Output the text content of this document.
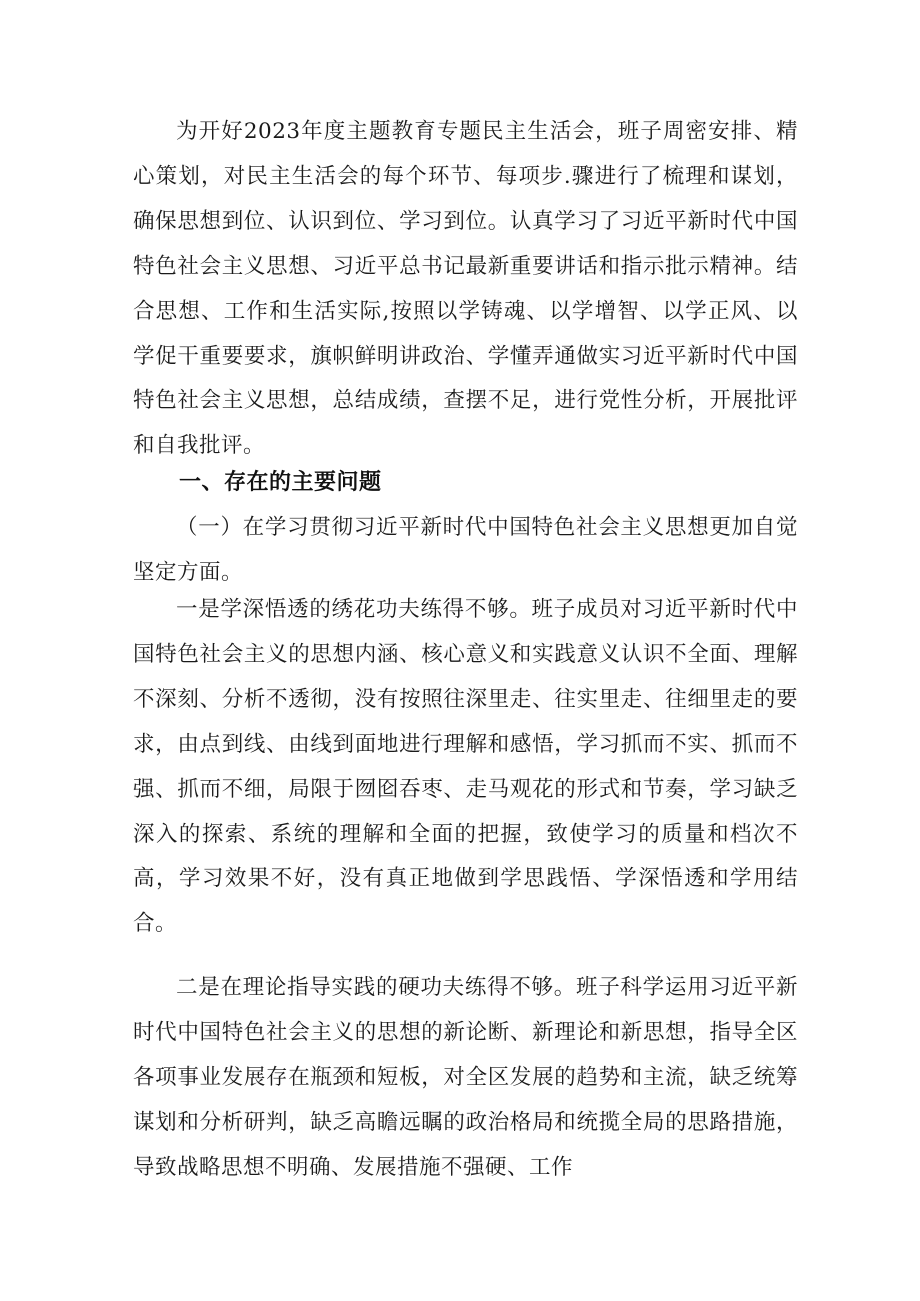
为开好2023年度主题教育专题民主生活会，班子周密安排、精心策划，对民主生活会的每个环节、每项步.骤进行了梳理和谋划，确保思想到位、认识到位、学习到位。认真学习了习近平新时代中国特色社会主义思想、习近平总书记最新重要讲话和指示批示精神。结合思想、工作和生活实际,按照以学铸魂、以学增智、以学正风、以学促干重要要求，旗帜鲜明讲政治、学懂弄通做实习近平新时代中国特色社会主义思想，总结成绩，查摆不足，进行党性分析，开展批评和自我批评。

一、存在的主要问题

（一）在学习贯彻习近平新时代中国特色社会主义思想更加自觉坚定方面。

一是学深悟透的绣花功夫练得不够。班子成员对习近平新时代中国特色社会主义的思想内涵、核心意义和实践意义认识不全面、理解不深刻、分析不透彻，没有按照往深里走、往实里走、往细里走的要求，由点到线、由线到面地进行理解和感悟，学习抓而不实、抓而不强、抓而不细，局限于囫囵吞枣、走马观花的形式和节奏，学习缺乏深入的探索、系统的理解和全面的把握，致使学习的质量和档次不高，学习效果不好，没有真正地做到学思践悟、学深悟透和学用结合。

二是在理论指导实践的硬功夫练得不够。班子科学运用习近平新时代中国特色社会主义的思想的新论断、新理论和新思想，指导全区各项事业发展存在瓶颈和短板，对全区发展的趋势和主流，缺乏统筹谋划和分析研判，缺乏高瞻远瞩的政治格局和统揽全局的思路措施，导致战略思想不明确、发展措施不强硬、工作
